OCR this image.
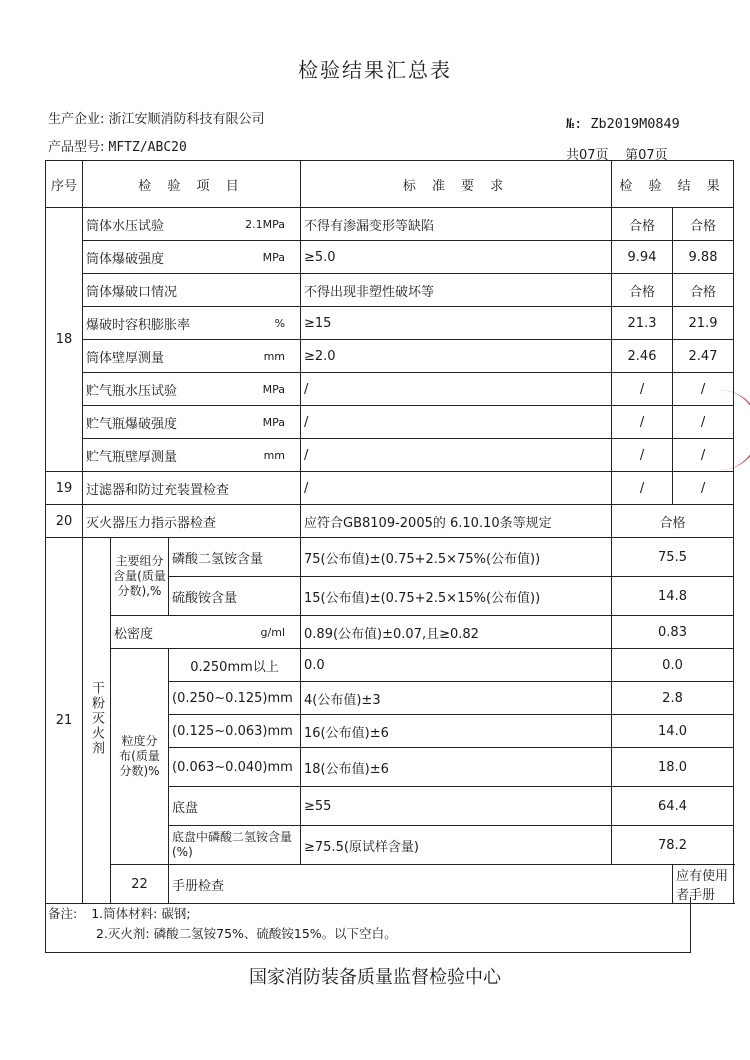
检验结果汇总表
生产企业: 浙江安顺消防科技有限公司
产品型号: MFTZ/ABC20
№: Zb2019M0849
共07页    第07页
序号	检 验 项 目			标 准 要 求	检 验 结 果		
18	筒体水压试验 2.1MPa			不得有渗漏变形等缺陷	合格	合格	

	筒体爆破强度 MPa			≥5.0	9.94	9.88	

	筒体爆破口情况			不得出现非塑性破坏等	合格	合格	

	爆破时容积膨胀率 %			≥15	21.3	21.9	

	筒体壁厚测量 mm			≥2.0	2.46	2.47	

	贮气瓶水压试验 MPa			/	/	/	

	贮气瓶爆破强度 MPa			/	/	/	

	贮气瓶壁厚测量 mm			/	/	/	
19	过滤器和防过充装置检查			/	/	/	
20	灭火器压力指示器检查			应符合GB8109-2005的 6.10.10条等规定	合格		
21	干粉灭火剂	主要组分含量(质量分数),%	磷酸二氢铵含量	75(公布值)±(0.75+2.5×75%(公布值))	75.5		
			硫酸铵含量	15(公布值)±(0.75+2.5×15%(公布值))	14.8		

		松密度 g/ml		0.89(公布值)±0.07,且≥0.82	0.83		
		粒度分布(质量分数)%	0.250mm以上	0.0	0.0		
			(0.250~0.125)mm	4(公布值)±3	2.8		
			(0.125~0.063)mm	16(公布值)±6	14.0		
			(0.063~0.040)mm	18(公布值)±6	18.0		
			底盘	≥55	64.4		
			底盘中磷酸二氢铵含量(%)	≥75.5(原试样含量)	78.2		
		22	手册检查			应有使用者手册	
备注: 1.筒体材料: 碳钢;
2.灭火剂: 磷酸二氢铵75%、硫酸铵15%。以下空白。
国家消防装备质量监督检验中心
